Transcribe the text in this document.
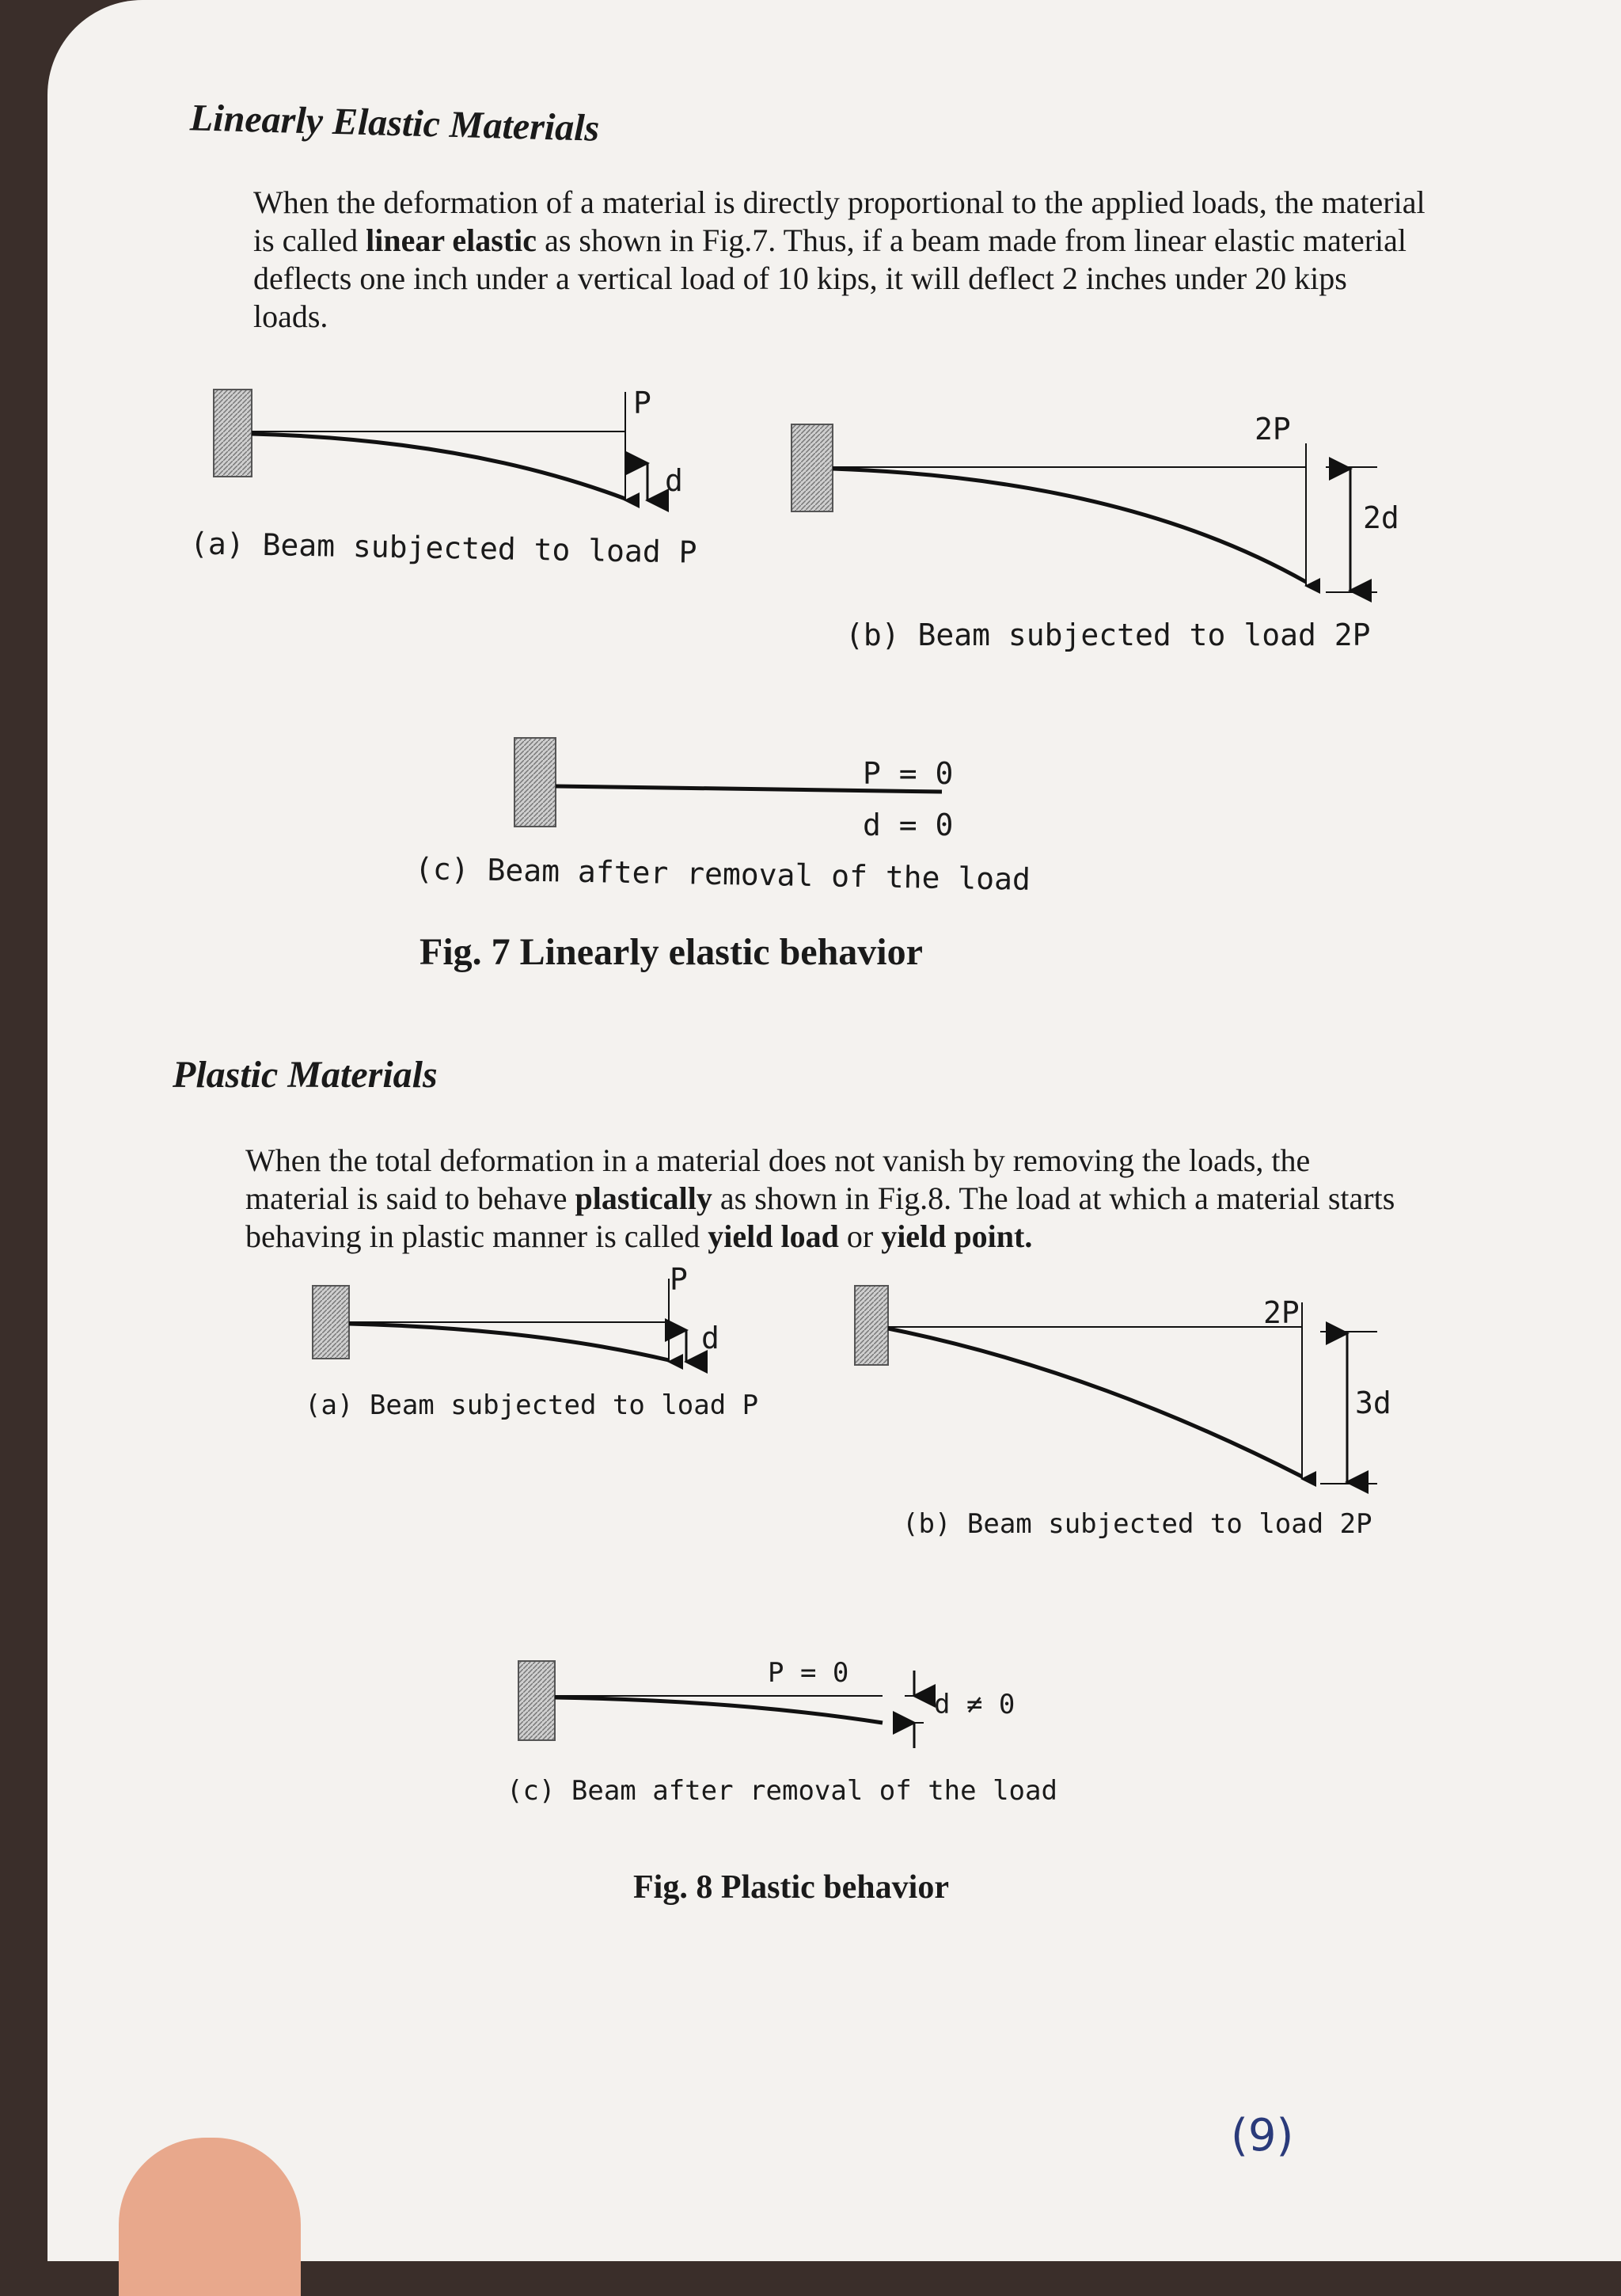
Linearly Elastic Materials
When the deformation of a material is directly proportional to the applied loads, the material
is called linear elastic as shown in Fig.7. Thus, if a beam made from linear elastic material
deflects one inch under a vertical load of 10 kips, it will deflect 2 inches under 20 kips
loads.
P
d
(a) Beam subjected to load P
2P
2d
(b) Beam subjected to load 2P
P = 0
d = 0
(c) Beam after removal of the load
Fig. 7 Linearly elastic behavior
Plastic Materials
When the total deformation in a material does not vanish by removing the loads, the
material is said to behave plastically as shown in Fig.8. The load at which a material starts
behaving in plastic manner is called yield load or yield point.
P
d
(a) Beam subjected to load P
2P
3d
(b) Beam subjected to load 2P
P = 0
d ≠ 0
(c) Beam after removal of the load
Fig. 8 Plastic behavior
(9)
